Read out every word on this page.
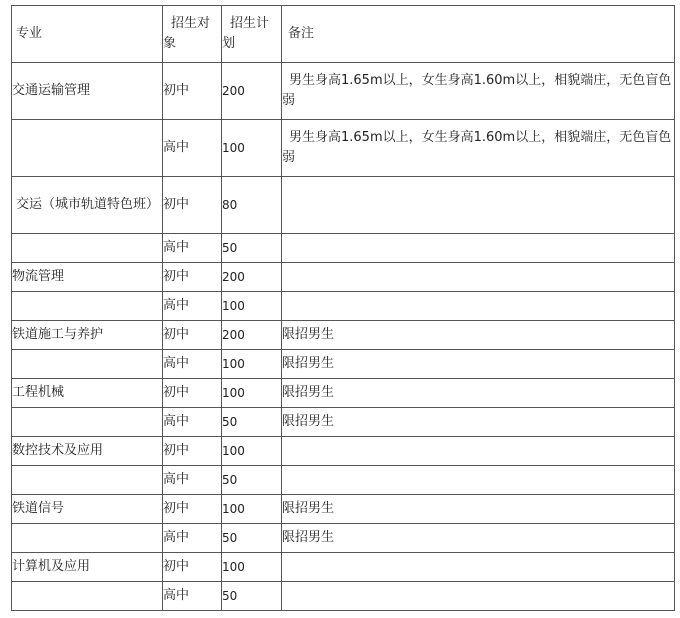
专业	招生对象	招生计划	备注
交通运输管理	初中	200	男生身高1.65m以上，女生身高1.60m以上，相貌端庄，无色盲色弱
	高中	100	男生身高1.65m以上，女生身高1.60m以上，相貌端庄，无色盲色弱
交运（城市轨道特色班）	初中	80	
	高中	50	
物流管理	初中	200	
	高中	100	
铁道施工与养护	初中	200	限招男生
	高中	100	限招男生
工程机械	初中	100	限招男生
	高中	50	限招男生
数控技术及应用	初中	100	
	高中	50	
铁道信号	初中	100	限招男生
	高中	50	限招男生
计算机及应用	初中	100	
	高中	50	
